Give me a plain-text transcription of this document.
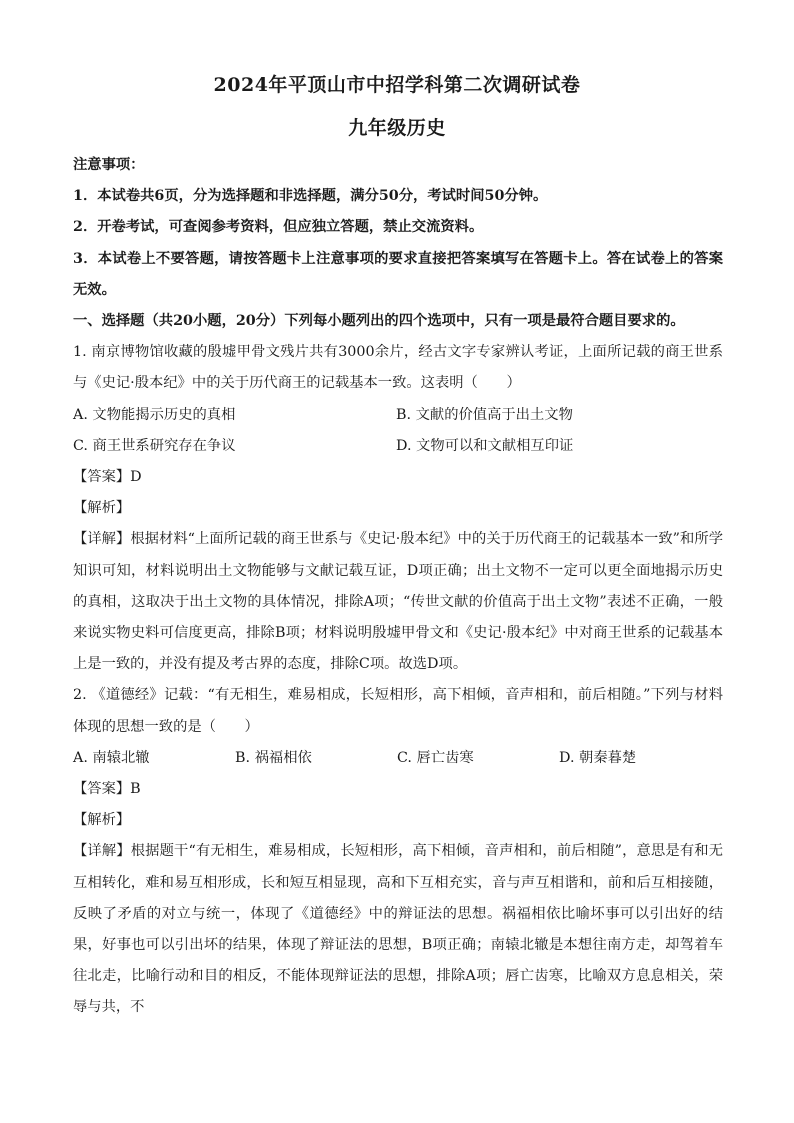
2024年平顶山市中招学科第二次调研试卷
九年级历史

注意事项：

1．本试卷共6页，分为选择题和非选择题，满分50分，考试时间50分钟。

2．开卷考试，可查阅参考资料，但应独立答题，禁止交流资料。

3．本试卷上不要答题，请按答题卡上注意事项的要求直接把答案填写在答题卡上。答在试卷上的答案无效。

一、选择题（共20小题，20分）下列每小题列出的四个选项中，只有一项是最符合题目要求的。

1. 南京博物馆收藏的殷墟甲骨文残片共有3000余片，经古文字专家辨认考证，上面所记载的商王世系与《史记·殷本纪》中的关于历代商王的记载基本一致。这表明（　　）

A. 文物能揭示历史的真相	B. 文献的价值高于出土文物
C. 商王世系研究存在争议	D. 文物可以和文献相互印证

【答案】D

【解析】

【详解】根据材料“上面所记载的商王世系与《史记·殷本纪》中的关于历代商王的记载基本一致”和所学知识可知，材料说明出土文物能够与文献记载互证，D项正确；出土文物不一定可以更全面地揭示历史的真相，这取决于出土文物的具体情况，排除A项；“传世文献的价值高于出土文物”表述不正确，一般来说实物史料可信度更高，排除B项；材料说明殷墟甲骨文和《史记·殷本纪》中对商王世系的记载基本上是一致的，并没有提及考古界的态度，排除C项。故选D项。

2. 《道德经》记载：“有无相生，难易相成，长短相形，高下相倾，音声相和，前后相随。”下列与材料体现的思想一致的是（　　）

A. 南辕北辙	B. 祸福相依	C. 唇亡齿寒	D. 朝秦暮楚

【答案】B

【解析】

【详解】根据题干“有无相生，难易相成，长短相形，高下相倾，音声相和，前后相随”，意思是有和无互相转化，难和易互相形成，长和短互相显现，高和下互相充实，音与声互相谐和，前和后互相接随，反映了矛盾的对立与统一，体现了《道德经》中的辩证法的思想。祸福相依比喻坏事可以引出好的结果，好事也可以引出坏的结果，体现了辩证法的思想，B项正确；南辕北辙是本想往南方走，却驾着车往北走，比喻行动和目的相反，不能体现辩证法的思想，排除A项；唇亡齿寒，比喻双方息息相关，荣辱与共，不
